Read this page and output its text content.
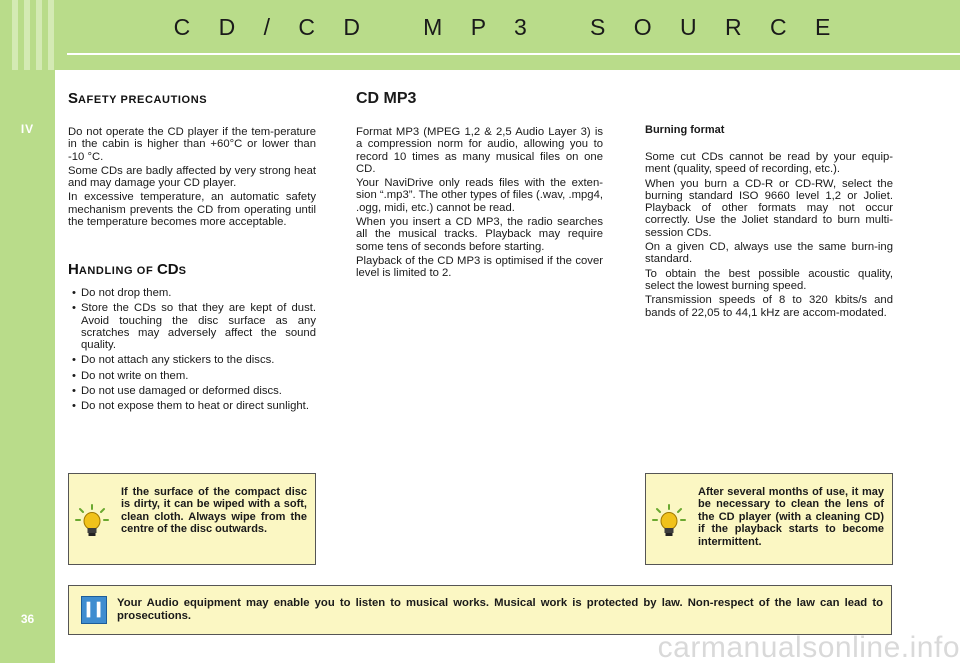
IV
36
C D / C D   M P 3   S O U R C E
SAFETY PRECAUTIONS

Do not operate the CD player if the tem-perature in the cabin is higher than +60°C or lower than -10 °C.

Some CDs are badly affected by very strong heat and may damage your CD player.

In excessive temperature, an automatic safety mechanism prevents the CD from operating until the temperature becomes more acceptable.

HANDLING OF CDS
• Do not drop them.
• Store the CDs so that they are kept of dust. Avoid touching the disc surface as any scratches may adversely affect the sound quality.
• Do not attach any stickers to the discs.
• Do not write on them.
• Do not use damaged or deformed discs.
• Do not expose them to heat or direct sunlight.
CD MP3

Format MP3 (MPEG 1,2 & 2,5 Audio Layer 3) is a compression norm for audio, allowing you to record 10 times as many musical files on one CD.

Your NaviDrive only reads files with the exten-sion “.mp3”. The other types of files (.wav, .mpg4, .ogg, midi, etc.) cannot be read.

When you insert a CD MP3, the radio searches all the musical tracks. Playback may require some tens of seconds before starting.

Playback of the CD MP3 is optimised if the cover level is limited to 2.

Burning format

Some cut CDs cannot be read by your equip-ment (quality, speed of recording, etc.).

When you burn a CD-R or CD-RW, select the burning standard ISO 9660 level 1,2 or Joliet. Playback of other formats may not occur correctly. Use the Joliet standard to burn multi-session CDs.

On a given CD, always use the same burn-ing standard.

To obtain the best possible acoustic quality, select the lowest burning speed.

Transmission speeds of 8 to 320 kbits/s and bands of 22,05 to 44,1 kHz are accom-modated.

If the surface of the compact disc is dirty, it can be wiped with a soft, clean cloth. Always wipe from the centre of the disc outwards.
After several months of use, it may be necessary to clean the lens of the CD player (with a cleaning CD) if the playback starts to become intermittent.
Your Audio equipment may enable you to listen to musical works. Musical work is protected by law. Non-respect of the law can lead to prosecutions.
carmanualsonline.info
